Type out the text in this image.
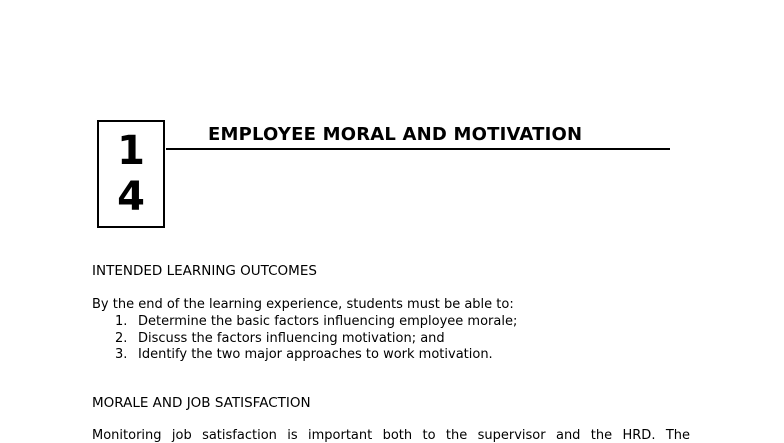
1
4
EMPLOYEE MORAL AND MOTIVATION
INTENDED LEARNING OUTCOMES
By the end of the learning experience, students must be able to:
1. Determine the basic factors influencing employee morale;
2. Discuss the factors influencing motivation; and
3. Identify the two major approaches to work motivation.
MORALE AND JOB SATISFACTION
Monitoring job satisfaction is important both to the supervisor and the HRD. The
